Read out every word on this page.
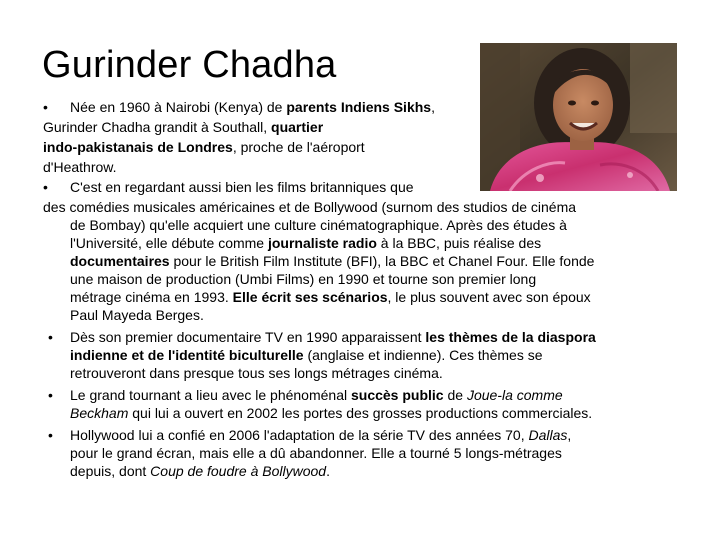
Gurinder Chadha
• Née en 1960 à Nairobi (Kenya) de parents Indiens Sikhs,
Gurinder Chadha grandit à Southall, quartier
indo-pakistanais de Londres, proche de l'aéroport
d'Heathrow.
• C'est en regardant aussi bien les films britanniques que
des comédies musicales américaines et de Bollywood (surnom des studios de cinéma
de Bombay) qu'elle acquiert une culture cinématographique. Après des études à
l'Université, elle débute comme journaliste radio à la BBC, puis réalise des
documentaires pour le British Film Institute (BFI), la BBC et Chanel Four. Elle fonde
une maison de production (Umbi Films) en 1990 et tourne son premier long
métrage cinéma en 1993. Elle écrit ses scénarios, le plus souvent avec son époux
Paul Mayeda Berges.
• Dès son premier documentaire TV en 1990 apparaissent les thèmes de la diaspora
indienne et de l'identité biculturelle (anglaise et indienne). Ces thèmes se
retrouveront dans presque tous ses longs métrages cinéma.
• Le grand tournant a lieu avec le phénoménal succès public de Joue-la comme
Beckham qui lui a ouvert en 2002 les portes des grosses productions commerciales.
• Hollywood lui a confié en 2006 l'adaptation de la série TV des années 70, Dallas,
pour le grand écran, mais elle a dû abandonner. Elle a tourné 5 longs-métrages
depuis, dont Coup de foudre à Bollywood.
